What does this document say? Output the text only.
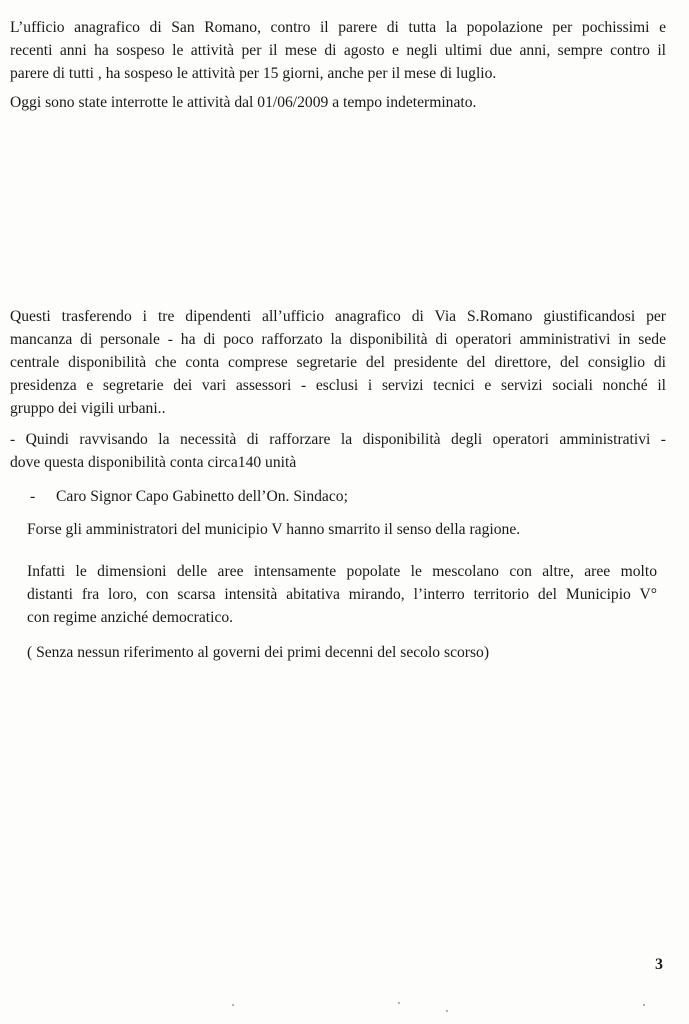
L’ufficio anagrafico di San Romano, contro il parere di tutta la popolazione per pochissimi e
recenti anni ha sospeso le attività per il mese di agosto e negli ultimi due anni, sempre contro il
parere di tutti , ha sospeso le attività per 15 giorni, anche per il mese di luglio.

Oggi sono state interrotte le attività dal 01/06/2009 a tempo indeterminato.

Questi trasferendo i tre dipendenti all’ufficio anagrafico di Via S.Romano giustificandosi per
mancanza di personale - ha di poco rafforzato la disponibilità di operatori amministrativi in sede
centrale disponibilità che conta comprese segretarie del presidente del direttore, del consiglio di
presidenza e segretarie dei vari assessori - esclusi i servizi tecnici e servizi sociali nonché il
gruppo dei vigili urbani..

- Quindi ravvisando la necessità di rafforzare la disponibilità degli operatori amministrativi -
dove questa disponibilità conta circa140 unità

- Caro Signor Capo Gabinetto dell’On. Sindaco;

Forse gli amministratori del municipio V hanno smarrito il senso della ragione.

Infatti le dimensioni delle aree intensamente popolate le mescolano con altre, aree molto
distanti fra loro, con scarsa intensità abitativa mirando, l’interro territorio del Municipio V°
con regime anziché democratico.

( Senza nessun riferimento al governi dei primi decenni del secolo scorso)

3
